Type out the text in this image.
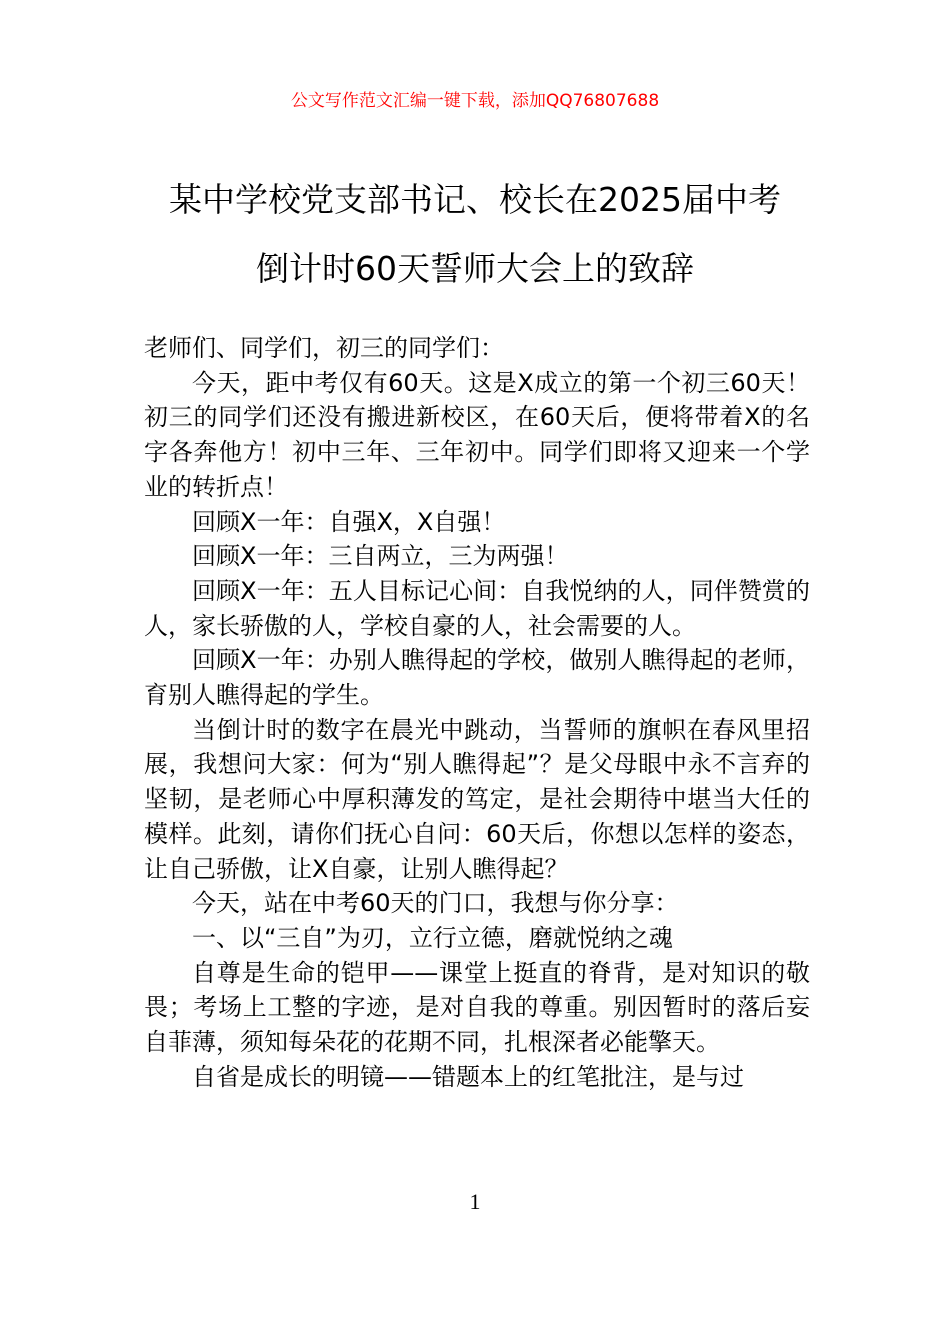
公文写作范文汇编一键下载，添加QQ76807688
某中学校党支部书记、校长在2025届中考
倒计时60天誓师大会上的致辞

老师们、同学们，初三的同学们：

今天，距中考仅有60天。这是X成立的第一个初三60天！初三的同学们还没有搬进新校区，在60天后，便将带着X的名字各奔他方！初中三年、三年初中。同学们即将又迎来一个学业的转折点！

回顾X一年：自强X，X自强！

回顾X一年：三自两立，三为两强！

回顾X一年：五人目标记心间：自我悦纳的人，同伴赞赏的人，家长骄傲的人，学校自豪的人，社会需要的人。

回顾X一年：办别人瞧得起的学校，做别人瞧得起的老师，育别人瞧得起的学生。

当倒计时的数字在晨光中跳动，当誓师的旗帜在春风里招展，我想问大家：何为“别人瞧得起”？是父母眼中永不言弃的坚韧，是老师心中厚积薄发的笃定，是社会期待中堪当大任的模样。此刻，请你们抚心自问：60天后，你想以怎样的姿态，让自己骄傲，让X自豪，让别人瞧得起？

今天，站在中考60天的门口，我想与你分享：

一、以“三自”为刃，立行立德，磨就悦纳之魂

自尊是生命的铠甲——课堂上挺直的脊背，是对知识的敬畏；考场上工整的字迹，是对自我的尊重。别因暂时的落后妄自菲薄，须知每朵花的花期不同，扎根深者必能擎天。

自省是成长的明镜——错题本上的红笔批注，是与过

1
